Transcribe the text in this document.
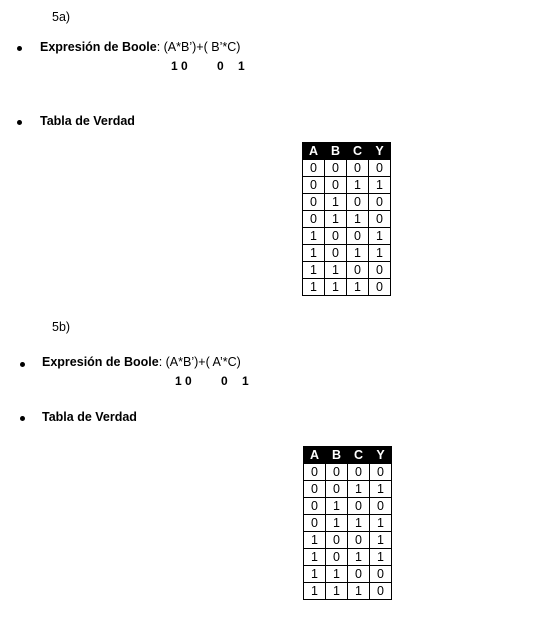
5a)
Expresión de Boole: (A*B’)+( B’*C)
1 0 0 1
Tabla de Verdad
A	B	C	Y
0	0	0	0
0	0	1	1
0	1	0	0
0	1	1	0
1	0	0	1
1	0	1	1
1	1	0	0
1	1	1	0
5b)
Expresión de Boole: (A*B’)+( A’*C)
1 0 0 1
Tabla de Verdad
A	B	C	Y
0	0	0	0
0	0	1	1
0	1	0	0
0	1	1	1
1	0	0	1
1	0	1	1
1	1	0	0
1	1	1	0
